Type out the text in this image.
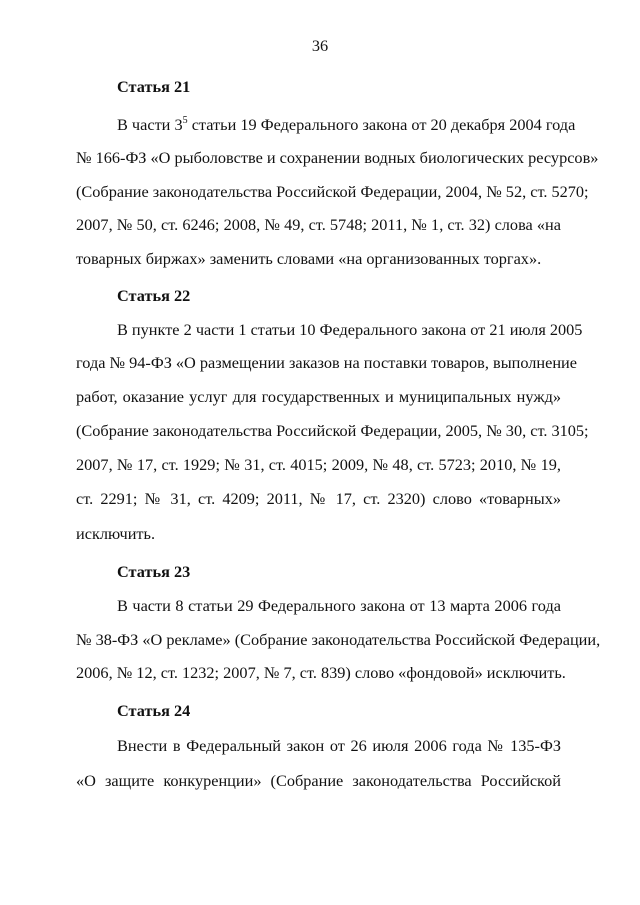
36
Статья 21
В части $3^5$ статьи 19 Федерального закона от 20 декабря 2004 года
№ 166-ФЗ «О рыболовстве и сохранении водных биологических ресурсов»
(Собрание законодательства Российской Федерации, 2004, № 52, ст. 5270;
2007, № 50, ст. 6246; 2008, № 49, ст. 5748; 2011, № 1, ст. 32) слова «на
товарных биржах» заменить словами «на организованных торгах».
Статья 22
В пункте 2 части 1 статьи 10 Федерального закона от 21 июля 2005
года № 94-ФЗ «О размещении заказов на поставки товаров, выполнение
работ, оказание услуг для государственных и муниципальных нужд»
(Собрание законодательства Российской Федерации, 2005, № 30, ст. 3105;
2007, № 17, ст. 1929; № 31, ст. 4015; 2009, № 48, ст. 5723; 2010, № 19,
ст. 2291; № 31, ст. 4209; 2011, № 17, ст. 2320) слово «товарных»
исключить.
Статья 23
В части 8 статьи 29 Федерального закона от 13 марта 2006 года
№ 38-ФЗ «О рекламе» (Собрание законодательства Российской Федерации,
2006, № 12, ст. 1232; 2007, № 7, ст. 839) слово «фондовой» исключить.
Статья 24
Внести в Федеральный закон от 26 июля 2006 года № 135-ФЗ
«О защите конкуренции» (Собрание законодательства Российской
